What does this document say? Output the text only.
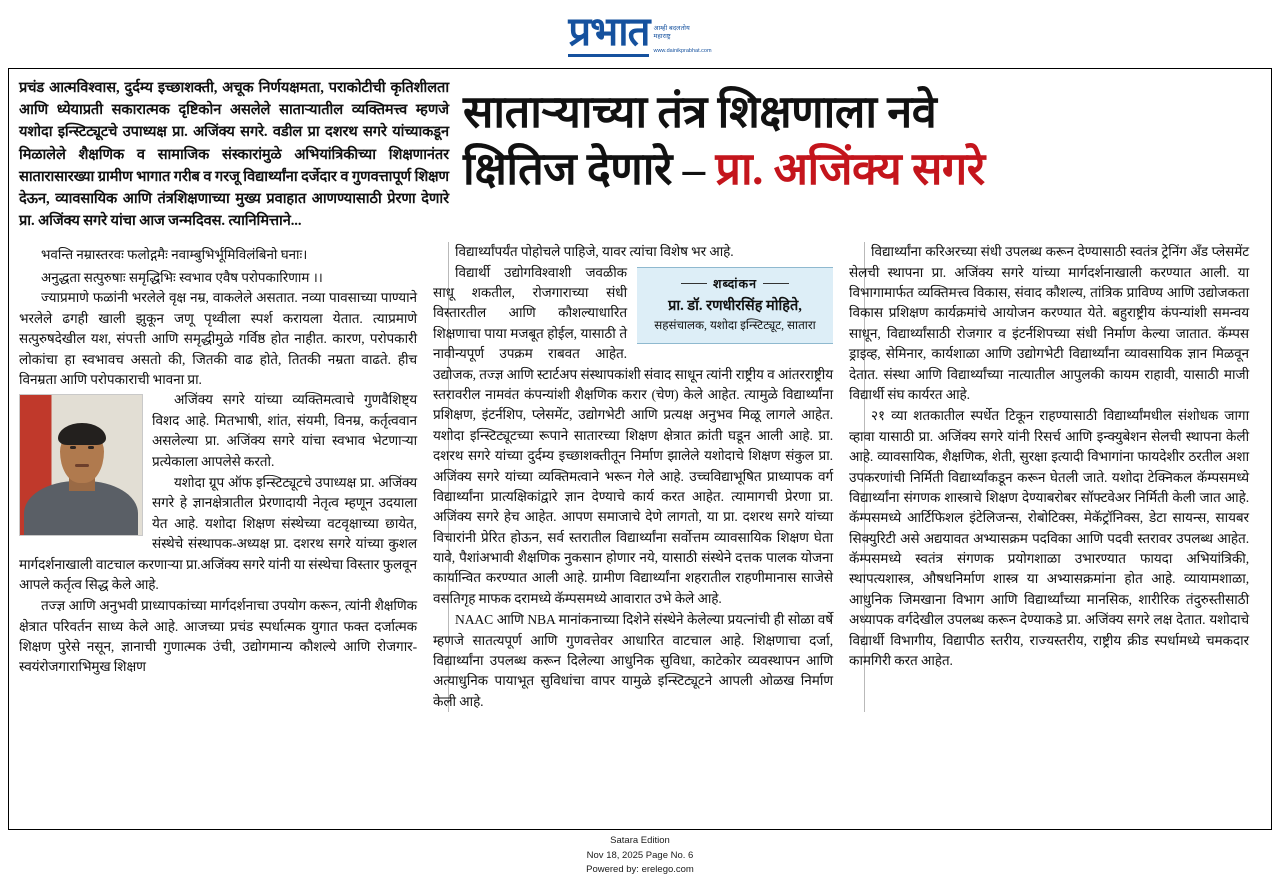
प्रभात आम्ही बदलतोय महाराष्ट्र
www.dainikprabhat.com
प्रचंड आत्मविश्वास, दुर्दम्य इच्छाशक्ती, अचूक निर्णयक्षमता, पराकोटीची कृतिशीलता आणि ध्येयाप्रती सकारात्मक दृष्टिकोन असलेले सातार्‍यातील व्यक्तिमत्त्व म्हणजे यशोदा इन्स्टिट्यूटचे उपाध्यक्ष प्रा. अजिंक्य सगरे. वडील प्रा दशरथ सगरे यांच्याकडून मिळालेले शैक्षणिक व सामाजिक संस्कारांमुळे अभियांत्रिकीच्या शिक्षणानंतर सातारासारख्या ग्रामीण भागात गरीब व गरजू विद्यार्थ्यांना दर्जेदार व गुणवत्तापूर्ण शिक्षण देऊन, व्यावसायिक आणि तंत्रशिक्षणाच्या मुख्य प्रवाहात आणण्यासाठी प्रेरणा देणारे प्रा. अजिंक्य सगरे यांचा आज जन्मदिवस. त्यानिमित्ताने...
सातार्‍याच्या तंत्र शिक्षणाला नवे
क्षितिज देणारे – प्रा. अजिंक्य सगरे

भवन्ति नम्रास्तरवः फलोद्गमैः नवाम्बुभिर्भूमिविलंबिनो घनाः।

अनुद्धता सत्पुरुषाः समृद्धिभिः स्वभाव एवैष परोपकारिणाम ।।

ज्याप्रमाणे फळांनी भरलेले वृक्ष नम्र, वाकलेले असतात. नव्या पावसाच्या पाण्याने भरलेले ढगही खाली झुकून जणू पृथ्वीला स्पर्श करायला येतात. त्याप्रमाणे सत्पुरुषदेखील यश, संपत्ती आणि समृद्धीमुळे गर्विष्ठ होत नाहीत. कारण, परोपकारी लोकांचा हा स्वभावच असतो की, जितकी वाढ होते, तितकी नम्रता वाढते. हीच विनम्रता आणि परोपकाराची भावना प्रा.

अजिंक्य सगरे यांच्या व्यक्तिमत्वाचे गुणवैशिष्ट्य विशद आहे. मितभाषी, शांत, संयमी, विनम्र, कर्तृत्ववान असलेल्या प्रा. अजिंक्य सगरे यांचा स्वभाव भेटणार्‍या प्रत्येकाला आपलेसे करतो.

यशोदा ग्रूप ऑफ इन्स्टिट्यूटचे उपाध्यक्ष प्रा. अजिंक्य सगरे हे ज्ञानक्षेत्रातील प्रेरणादायी नेतृत्व म्हणून उदयाला येत आहे. यशोदा शिक्षण संस्थेच्या वटवृक्षाच्या छायेत, संस्थेचे संस्थापक-अध्यक्ष प्रा. दशरथ सगरे यांच्या कुशल मार्गदर्शनाखाली वाटचाल करणार्‍या प्रा.अजिंक्य सगरे यांनी या संस्थेचा विस्तार फुलवून आपले कर्तृत्व सिद्ध केले आहे.

तज्ज्ञ आणि अनुभवी प्राध्यापकांच्या मार्गदर्शनाचा उपयोग करून, त्यांनी शैक्षणिक क्षेत्रात परिवर्तन साध्य केले आहे. आजच्या प्रचंड स्पर्धात्मक युगात फक्त दर्जात्मक शिक्षण पुरेसे नसून, ज्ञानाची गुणात्मक उंची, उद्योगमान्य कौशल्ये आणि रोजगार-स्वयंरोजगाराभिमुख शिक्षण

विद्यार्थ्यांपर्यंत पोहोचले पाहिजे, यावर त्यांचा विशेष भर आहे.

शब्दांकन
प्रा. डॉ. रणधीरसिंह मोहिते,
सहसंचालक, यशोदा इन्स्टिट्यूट, सातारा

विद्यार्थी उद्योगविश्वाशी जवळीक साधू शकतील, रोजगाराच्या संधी विस्तारतील आणि कौशल्याधारित शिक्षणाचा पाया मजबूत होईल, यासाठी ते नावीन्यपूर्ण उपक्रम राबवत आहेत. उद्योजक, तज्ज्ञ आणि स्टार्टअप संस्थापकांशी संवाद साधून त्यांनी राष्ट्रीय व आंतरराष्ट्रीय स्तरावरील नामवंत कंपन्यांशी शैक्षणिक करार (चेण) केले आहेत. त्यामुळे विद्यार्थ्यांना प्रशिक्षण, इंटर्नशिप, प्लेसमेंट, उद्योगभेटी आणि प्रत्यक्ष अनुभव मिळू लागले आहेत. यशोदा इन्स्टिट्यूटच्या रूपाने सातारच्या शिक्षण क्षेत्रात क्रांती घडून आली आहे. प्रा. दशरथ सगरे यांच्या दुर्दम्य इच्छाशक्तीतून निर्माण झालेले यशोदाचे शिक्षण संकुल प्रा. अजिंक्य सगरे यांच्या व्यक्तिमत्वाने भरून गेले आहे. उच्चविद्याभूषित प्राध्यापक वर्ग विद्यार्थ्यांना प्रात्यक्षिकांद्वारे ज्ञान देण्याचे कार्य करत आहेत. त्यामागची प्रेरणा प्रा. अजिंक्य सगरे हेच आहेत. आपण समाजाचे देणे लागतो, या प्रा. दशरथ सगरे यांच्या विचारांनी प्रेरित होऊन, सर्व स्तरातील विद्यार्थ्यांना सर्वोत्तम व्यावसायिक शिक्षण घेता यावे, पैशांअभावी शैक्षणिक नुकसान होणार नये, यासाठी संस्थेने दत्तक पालक योजना कार्यान्वित करण्यात आली आहे. ग्रामीण विद्यार्थ्यांना शहरातील राहणीमानास साजेसे वसतिगृह माफक दरामध्ये कॅम्पसमध्ये आवारात उभे केले आहे.

NAAC आणि NBA मानांकनाच्या दिशेने संस्थेने केलेल्या प्रयत्नांची ही सोळा वर्षे म्हणजे सातत्यपूर्ण आणि गुणवत्तेवर आधारित वाटचाल आहे. शिक्षणाचा दर्जा, विद्यार्थ्यांना उपलब्ध करून दिलेल्या आधुनिक सुविधा, काटेकोर व्यवस्थापन आणि अत्याधुनिक पायाभूत सुविधांचा वापर यामुळे इन्स्टिट्यूटने आपली ओळख निर्माण केली आहे.

विद्यार्थ्यांना करिअरच्या संधी उपलब्ध करून देण्यासाठी स्वतंत्र ट्रेनिंग अँड प्लेसमेंट सेलची स्थापना प्रा. अजिंक्य सगरे यांच्या मार्गदर्शनाखाली करण्यात आली. या विभागामार्फत व्यक्तिमत्त्व विकास, संवाद कौशल्य, तांत्रिक प्राविण्य आणि उद्योजकता विकास प्रशिक्षण कार्यक्रमांचे आयोजन करण्यात येते. बहुराष्ट्रीय कंपन्यांशी समन्वय साधून, विद्यार्थ्यांसाठी रोजगार व इंटर्नशिपच्या संधी निर्माण केल्या जातात. कॅम्पस ड्राइव्ह, सेमिनार, कार्यशाळा आणि उद्योगभेटी विद्यार्थ्यांना व्यावसायिक ज्ञान मिळवून देतात. संस्था आणि विद्यार्थ्यांच्या नात्यातील आपुलकी कायम राहावी, यासाठी माजी विद्यार्थी संघ कार्यरत आहे.

२१ व्या शतकातील स्पर्धेत टिकून राहण्यासाठी विद्यार्थ्यांमधील संशोधक जागा व्हावा यासाठी प्रा. अजिंक्य सगरे यांनी रिसर्च आणि इन्क्युबेशन सेलची स्थापना केली आहे. व्यावसायिक, शैक्षणिक, शेती, सुरक्षा इत्यादी विभागांना फायदेशीर ठरतील अशा उपकरणांची निर्मिती विद्यार्थ्यांकडून करून घेतली जाते. यशोदा टेक्निकल कॅम्पसमध्ये विद्यार्थ्यांना संगणक शास्त्राचे शिक्षण देण्याबरोबर सॉफ्टवेअर निर्मिती केली जात आहे. कॅम्पसमध्ये आर्टिफिशल इंटेलिजन्स, रोबोटिक्स, मेकॅट्रॉनिक्स, डेटा सायन्स, सायबर सिक्युरिटी असे अद्ययावत अभ्यासक्रम पदविका आणि पदवी स्तरावर उपलब्ध आहेत. कॅम्पसमध्ये स्वतंत्र संगणक प्रयोगशाळा उभारण्यात फायदा अभियांत्रिकी, स्थापत्यशास्त्र, औषधनिर्माण शास्त्र या अभ्यासक्रमांना होत आहे. व्यायामशाळा, आधुनिक जिमखाना विभाग आणि विद्यार्थ्यांच्या मानसिक, शारीरिक तंदुरुस्तीसाठी अध्यापक वर्गदेखील उपलब्ध करून देण्याकडे प्रा. अजिंक्य सगरे लक्ष देतात. यशोदाचे विद्यार्थी विभागीय, विद्यापीठ स्तरीय, राज्यस्तरीय, राष्ट्रीय क्रीड स्पर्धामध्ये चमकदार कामगिरी करत आहेत.

Satara Edition
Nov 18, 2025 Page No. 6
Powered by: erelego.com
